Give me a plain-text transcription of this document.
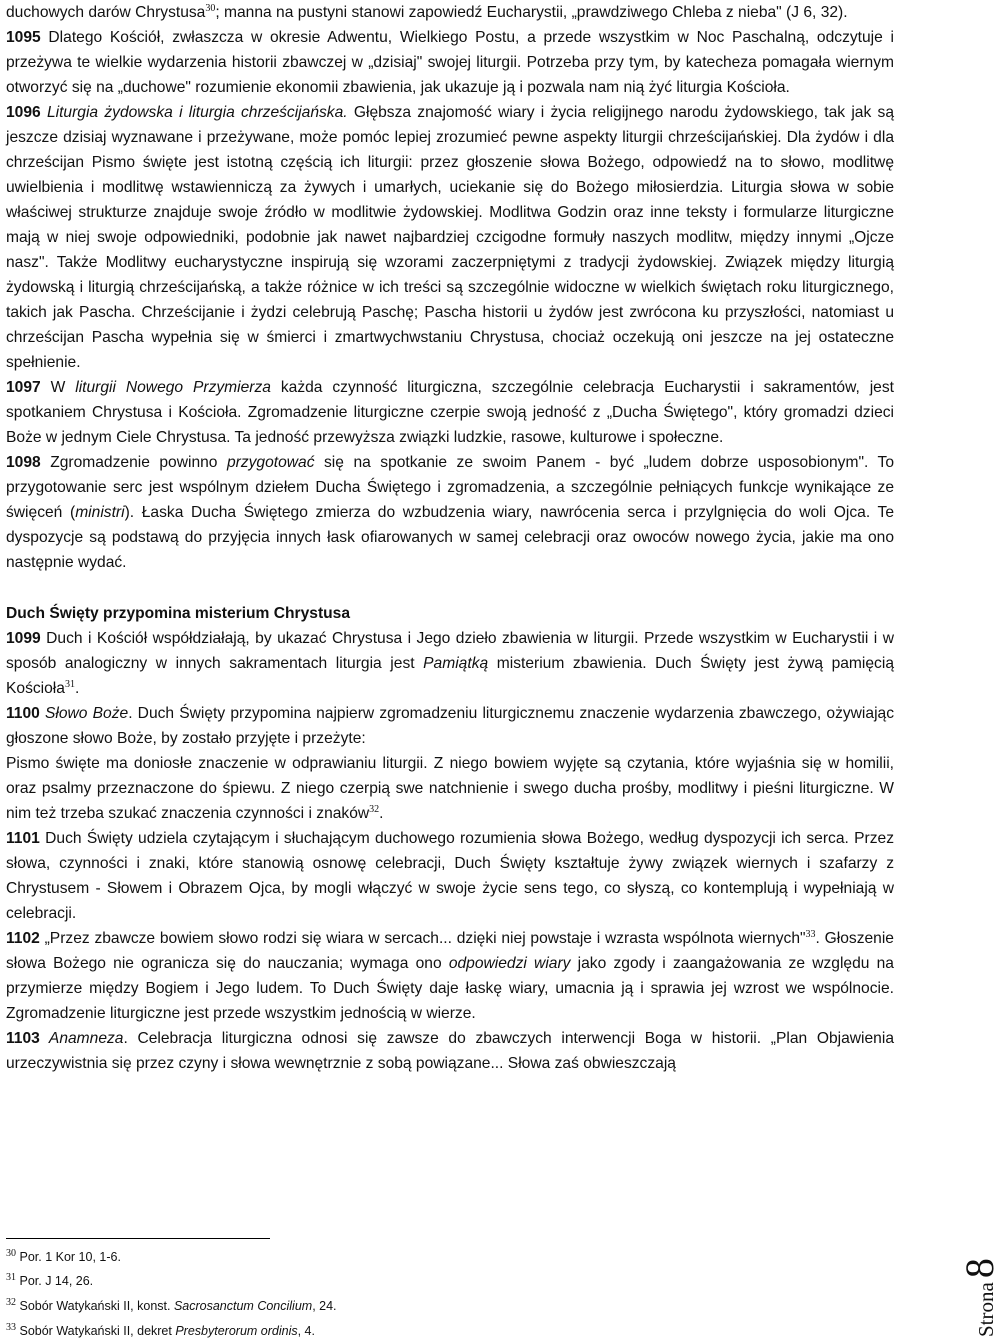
duchowych darów Chrystusa$^{30}$; manna na pustyni stanowi zapowiedź Eucharystii, „prawdziwego Chleba z nieba" (J 6, 32).

1095 Dlatego Kościół, zwłaszcza w okresie Adwentu, Wielkiego Postu, a przede wszystkim w Noc Paschalną, odczytuje i przeżywa te wielkie wydarzenia historii zbawczej w „dzisiaj" swojej liturgii. Potrzeba przy tym, by katecheza pomagała wiernym otworzyć się na „duchowe" rozumienie ekonomii zbawienia, jak ukazuje ją i pozwala nam nią żyć liturgia Kościoła.

1096 Liturgia żydowska i liturgia chrześcijańska. Głębsza znajomość wiary i życia religijnego narodu żydowskiego, tak jak są jeszcze dzisiaj wyznawane i przeżywane, może pomóc lepiej zrozumieć pewne aspekty liturgii chrześcijańskiej. Dla żydów i dla chrześcijan Pismo święte jest istotną częścią ich liturgii: przez głoszenie słowa Bożego, odpowiedź na to słowo, modlitwę uwielbienia i modlitwę wstawienniczą za żywych i umarłych, uciekanie się do Bożego miłosierdzia. Liturgia słowa w sobie właściwej strukturze znajduje swoje źródło w modlitwie żydowskiej. Modlitwa Godzin oraz inne teksty i formularze liturgiczne mają w niej swoje odpowiedniki, podobnie jak nawet najbardziej czcigodne formuły naszych modlitw, między innymi „Ojcze nasz". Także Modlitwy eucharystyczne inspirują się wzorami zaczerpniętymi z tradycji żydowskiej. Związek między liturgią żydowską i liturgią chrześcijańską, a także różnice w ich treści są szczególnie widoczne w wielkich świętach roku liturgicznego, takich jak Pascha. Chrześcijanie i żydzi celebrują Paschę; Pascha historii u żydów jest zwrócona ku przyszłości, natomiast u chrześcijan Pascha wypełnia się w śmierci i zmartwychwstaniu Chrystusa, chociaż oczekują oni jeszcze na jej ostateczne spełnienie.

1097 W liturgii Nowego Przymierza każda czynność liturgiczna, szczególnie celebracja Eucharystii i sakramentów, jest spotkaniem Chrystusa i Kościoła. Zgromadzenie liturgiczne czerpie swoją jedność z „Ducha Świętego", który gromadzi dzieci Boże w jednym Ciele Chrystusa. Ta jedność przewyższa związki ludzkie, rasowe, kulturowe i społeczne.

1098 Zgromadzenie powinno przygotować się na spotkanie ze swoim Panem - być „ludem dobrze usposobionym". To przygotowanie serc jest wspólnym dziełem Ducha Świętego i zgromadzenia, a szczególnie pełniących funkcje wynikające ze święceń (ministri). Łaska Ducha Świętego zmierza do wzbudzenia wiary, nawrócenia serca i przylgnięcia do woli Ojca. Te dyspozycje są podstawą do przyjęcia innych łask ofiarowanych w samej celebracji oraz owoców nowego życia, jakie ma ono następnie wydać.

Duch Święty przypomina misterium Chrystusa

1099 Duch i Kościół współdziałają, by ukazać Chrystusa i Jego dzieło zbawienia w liturgii. Przede wszystkim w Eucharystii i w sposób analogiczny w innych sakramentach liturgia jest Pamiątką misterium zbawienia. Duch Święty jest żywą pamięcią Kościoła$^{31}$.

1100 Słowo Boże. Duch Święty przypomina najpierw zgromadzeniu liturgicznemu znaczenie wydarzenia zbawczego, ożywiając głoszone słowo Boże, by zostało przyjęte i przeżyte:

Pismo święte ma doniosłe znaczenie w odprawianiu liturgii. Z niego bowiem wyjęte są czytania, które wyjaśnia się w homilii, oraz psalmy przeznaczone do śpiewu. Z niego czerpią swe natchnienie i swego ducha prośby, modlitwy i pieśni liturgiczne. W nim też trzeba szukać znaczenia czynności i znaków$^{32}$.

1101 Duch Święty udziela czytającym i słuchającym duchowego rozumienia słowa Bożego, według dyspozycji ich serca. Przez słowa, czynności i znaki, które stanowią osnowę celebracji, Duch Święty kształtuje żywy związek wiernych i szafarzy z Chrystusem - Słowem i Obrazem Ojca, by mogli włączyć w swoje życie sens tego, co słyszą, co kontemplują i wypełniają w celebracji.

1102 „Przez zbawcze bowiem słowo rodzi się wiara w sercach... dzięki niej powstaje i wzrasta wspólnota wiernych"$^{33}$. Głoszenie słowa Bożego nie ogranicza się do nauczania; wymaga ono odpowiedzi wiary jako zgody i zaangażowania ze względu na przymierze między Bogiem i Jego ludem. To Duch Święty daje łaskę wiary, umacnia ją i sprawia jej wzrost we wspólnocie. Zgromadzenie liturgiczne jest przede wszystkim jednością w wierze.

1103 Anamneza. Celebracja liturgiczna odnosi się zawsze do zbawczych interwencji Boga w historii. „Plan Objawienia urzeczywistnia się przez czyny i słowa wewnętrznie z sobą powiązane... Słowa zaś obwieszczają

$^{30}$ Por. 1 Kor 10, 1-6.
$^{31}$ Por. J 14, 26.
$^{32}$ Sobór Watykański II, konst. Sacrosanctum Concilium, 24.
$^{33}$ Sobór Watykański II, dekret Presbyterorum ordinis, 4.	Strona8
